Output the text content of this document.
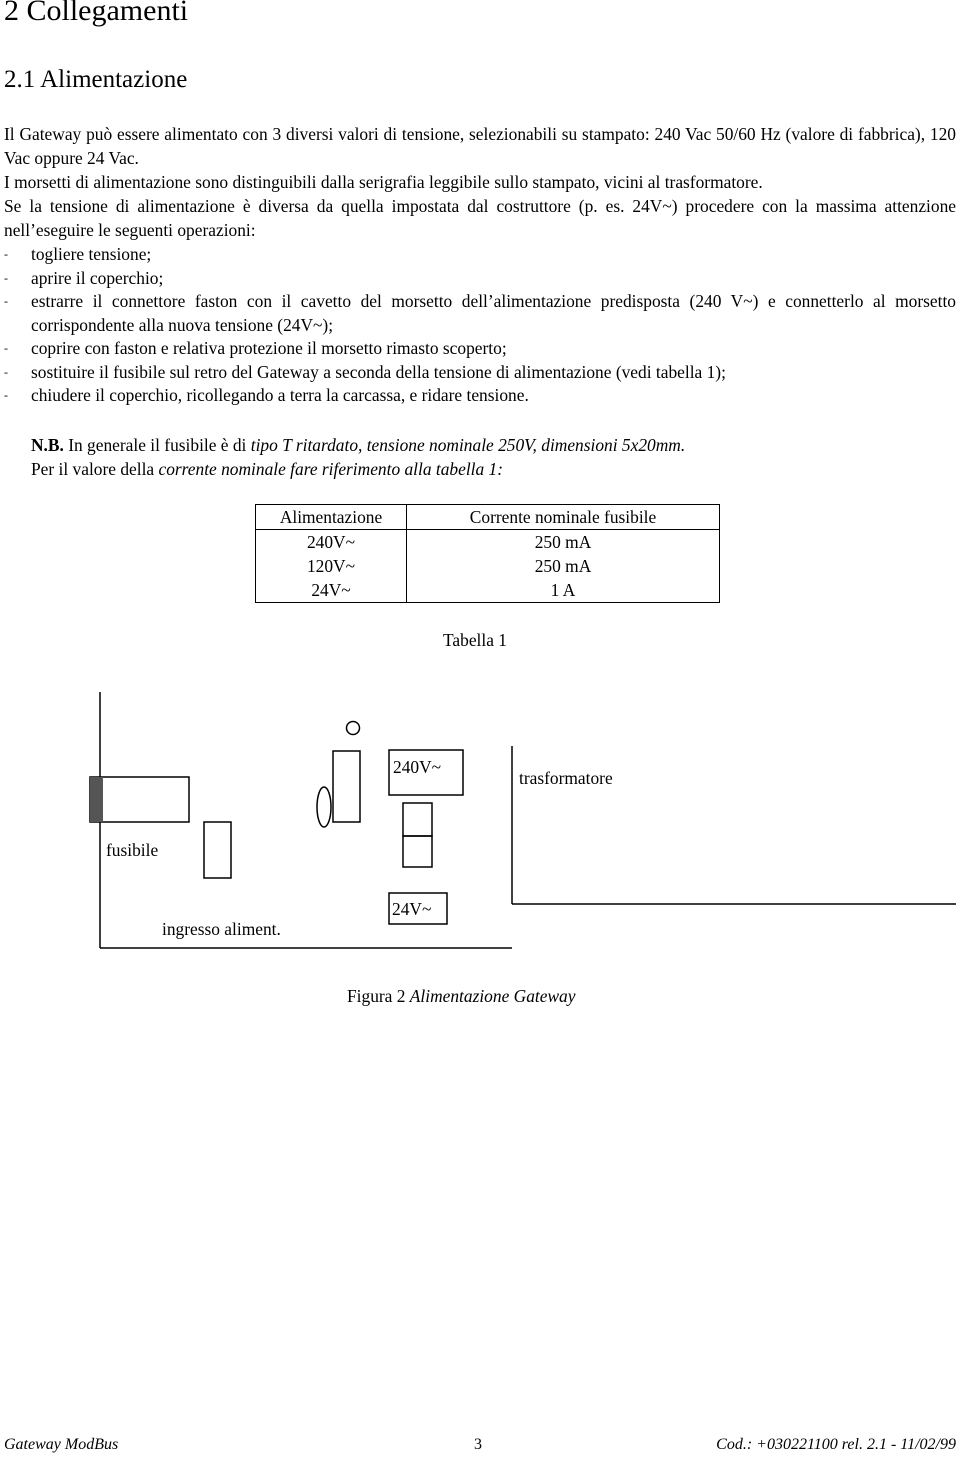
2 Collegamenti
2.1 Alimentazione
Il Gateway può essere alimentato con 3 diversi valori di tensione, selezionabili su stampato: 240 Vac 50/60 Hz (valore di fabbrica), 120 Vac oppure 24 Vac.
I morsetti di alimentazione sono distinguibili dalla serigrafia leggibile sullo stampato, vicini al trasformatore.
Se la tensione di alimentazione è diversa da quella impostata dal costruttore (p. es. 24V~) procedere con la massima attenzione nell’eseguire le seguenti operazioni:
- togliere tensione;
- aprire il coperchio;
- estrarre il connettore faston con il cavetto del morsetto dell’alimentazione predisposta (240 V~) e connetterlo al morsetto corrispondente alla nuova tensione (24V~);
- coprire con faston e relativa protezione il morsetto rimasto scoperto;
- sostituire il fusibile sul retro del Gateway a seconda della tensione di alimentazione (vedi tabella 1);
- chiudere il coperchio, ricollegando a terra la carcassa, e ridare tensione.
N.B. In generale il fusibile è di tipo T ritardato, tensione nominale 250V, dimensioni 5x20mm.
Per il valore della corrente nominale fare riferimento alla tabella 1:
Alimentazione	Corrente nominale fusibile
240V~	250 mA
120V~	250 mA
24V~	1 A
Tabella 1
240V~
trasformatore
fusibile
24V~
ingresso aliment.
Figura 2 Alimentazione Gateway
Gateway ModBus	3	Cod.: +030221100 rel. 2.1 - 11/02/99
